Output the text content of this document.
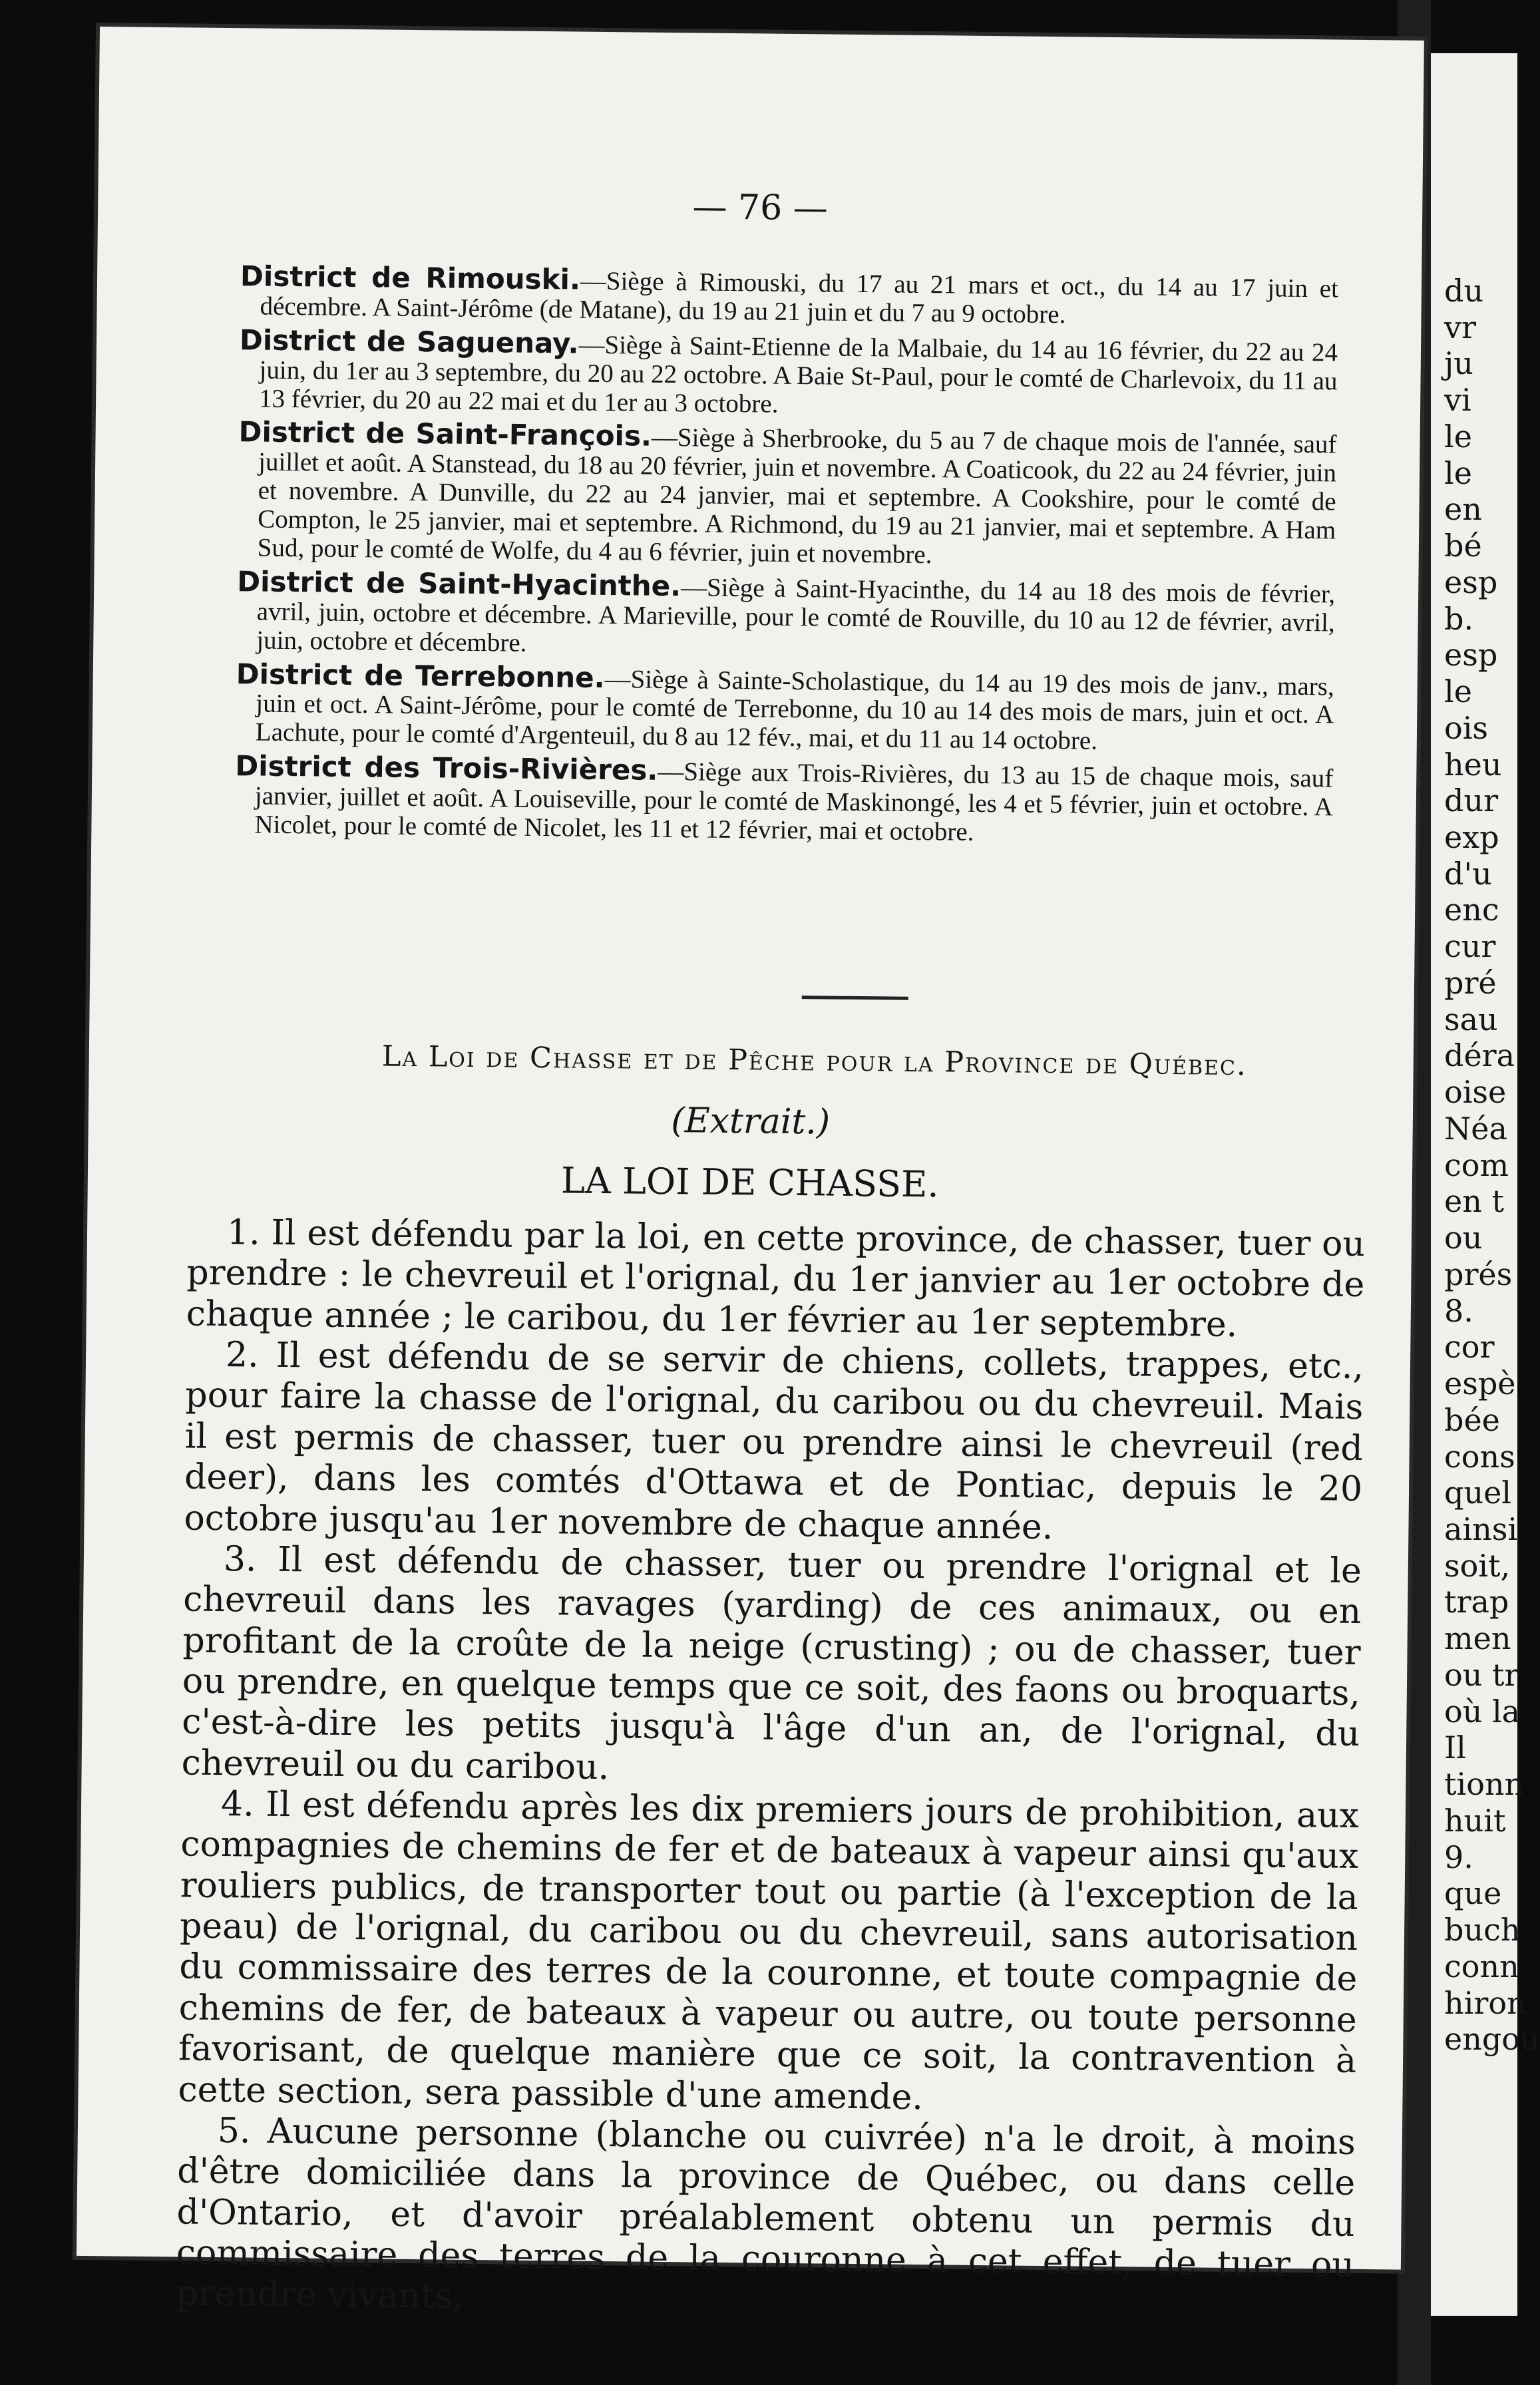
— 76 —

District de Rimouski.—Siège à Rimouski, du 17 au 21 mars et oct., du 14 au 17 juin et décembre. A Saint-Jérôme (de Matane), du 19 au 21 juin et du 7 au 9 octobre.

District de Saguenay.—Siège à Saint-Etienne de la Malbaie, du 14 au 16 février, du 22 au 24 juin, du 1er au 3 septembre, du 20 au 22 octobre. A Baie St-Paul, pour le comté de Charlevoix, du 11 au 13 février, du 20 au 22 mai et du 1er au 3 octobre.

District de Saint-François.—Siège à Sherbrooke, du 5 au 7 de chaque mois de l'année, sauf juillet et août. A Stanstead, du 18 au 20 février, juin et novembre. A Coaticook, du 22 au 24 février, juin et novembre. A Dunville, du 22 au 24 janvier, mai et septembre. A Cookshire, pour le comté de Compton, le 25 janvier, mai et septembre. A Richmond, du 19 au 21 janvier, mai et septembre. A Ham Sud, pour le comté de Wolfe, du 4 au 6 février, juin et novembre.

District de Saint-Hyacinthe.—Siège à Saint-Hyacinthe, du 14 au 18 des mois de février, avril, juin, octobre et décembre. A Marieville, pour le comté de Rouville, du 10 au 12 de février, avril, juin, octobre et décembre.

District de Terrebonne.—Siège à Sainte-Scholastique, du 14 au 19 des mois de janv., mars, juin et oct. A Saint-Jérôme, pour le comté de Terrebonne, du 10 au 14 des mois de mars, juin et oct. A Lachute, pour le comté d'Argenteuil, du 8 au 12 fév., mai, et du 11 au 14 octobre.

District des Trois-Rivières.—Siège aux Trois-Rivières, du 13 au 15 de chaque mois, sauf janvier, juillet et août. A Louiseville, pour le comté de Maskinongé, les 4 et 5 février, juin et octobre. A Nicolet, pour le comté de Nicolet, les 11 et 12 février, mai et octobre.

La Loi de Chasse et de Pêche pour la Province de Québec.
(Extrait.)
LA LOI DE CHASSE.

1. Il est défendu par la loi, en cette province, de chasser, tuer ou prendre : le chevreuil et l'orignal, du 1er janvier au 1er octobre de chaque année ; le caribou, du 1er février au 1er septembre.

2. Il est défendu de se servir de chiens, collets, trappes, etc., pour faire la chasse de l'orignal, du caribou ou du chevreuil. Mais il est permis de chasser, tuer ou prendre ainsi le chevreuil (red deer), dans les comtés d'Ottawa et de Pontiac, depuis le 20 octobre jusqu'au 1er novembre de chaque année.

3. Il est défendu de chasser, tuer ou prendre l'orignal et le chevreuil dans les ravages (yarding) de ces animaux, ou en profitant de la croûte de la neige (crusting) ; ou de chasser, tuer ou prendre, en quelque temps que ce soit, des faons ou broquarts, c'est-à-dire les petits jusqu'à l'âge d'un an, de l'orignal, du chevreuil ou du caribou.

4. Il est défendu après les dix premiers jours de prohibition, aux compagnies de chemins de fer et de bateaux à vapeur ainsi qu'aux rouliers publics, de transporter tout ou partie (à l'exception de la peau) de l'orignal, du caribou ou du chevreuil, sans autorisation du commissaire des terres de la couronne, et toute compagnie de chemins de fer, de bateaux à vapeur ou autre, ou toute personne favorisant, de quelque manière que ce soit, la contravention à cette section, sera passible d'une amende.

5. Aucune personne (blanche ou cuivrée) n'a le droit, à moins d'être domiciliée dans la province de Québec, ou dans celle d'Ontario, et d'avoir préalablement obtenu un permis du commissaire des terres de la couronne à cet effet, de tuer ou prendre vivants,

du
vr
ju
vi
le
le
en
bé
esp
b.
esp
le
ois
heu
dur
exp
d'u
enc
cur
pré
sau
déra
oise
Néa
com
en t
ou
prés
8.
cor
espè
bée
cons
quel
ainsi
soit,
trap
men
ou tr
où la
Il
tionn
huit
9.
que
buch
conn
hiron
engou
